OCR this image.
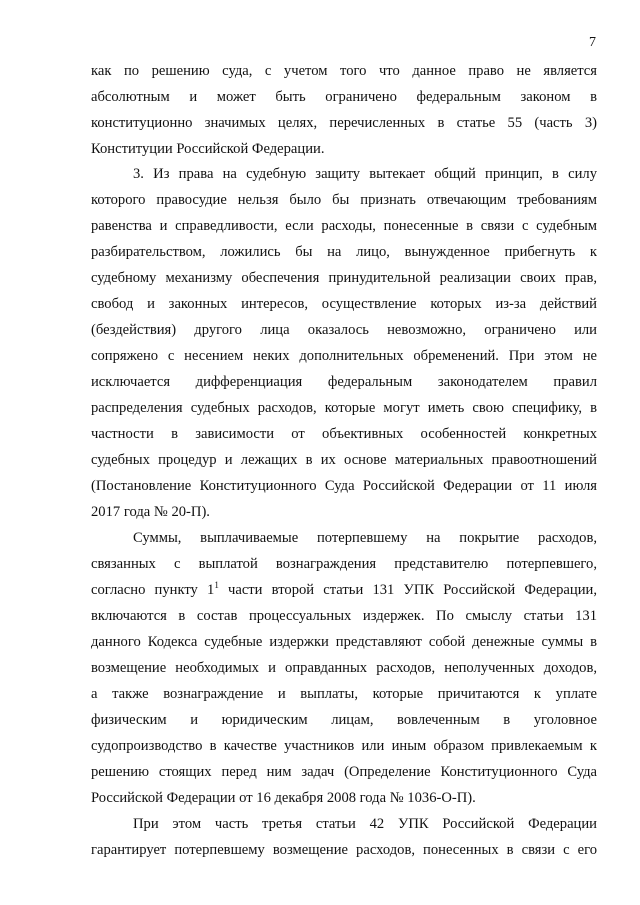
7
как по решению суда, с учетом того что данное право не является
абсолютным и может быть ограничено федеральным законом в
конституционно значимых целях, перечисленных в статье 55 (часть 3)
Конституции Российской Федерации.
3. Из права на судебную защиту вытекает общий принцип, в силу
которого правосудие нельзя было бы признать отвечающим требованиям
равенства и справедливости, если расходы, понесенные в связи с судебным
разбирательством, ложились бы на лицо, вынужденное прибегнуть к
судебному механизму обеспечения принудительной реализации своих прав,
свобод и законных интересов, осуществление которых из-за действий
(бездействия) другого лица оказалось невозможно, ограничено или
сопряжено с несением неких дополнительных обременений. При этом не
исключается дифференциация федеральным законодателем правил
распределения судебных расходов, которые могут иметь свою специфику, в
частности в зависимости от объективных особенностей конкретных
судебных процедур и лежащих в их основе материальных правоотношений
(Постановление Конституционного Суда Российской Федерации от 11 июля
2017 года № 20-П).
Суммы, выплачиваемые потерпевшему на покрытие расходов,
связанных с выплатой вознаграждения представителю потерпевшего,
согласно пункту $1^1$ части второй статьи 131 УПК Российской Федерации,
включаются в состав процессуальных издержек. По смыслу статьи 131
данного Кодекса судебные издержки представляют собой денежные суммы в
возмещение необходимых и оправданных расходов, неполученных доходов,
а также вознаграждение и выплаты, которые причитаются к уплате
физическим и юридическим лицам, вовлеченным в уголовное
судопроизводство в качестве участников или иным образом привлекаемым к
решению стоящих перед ним задач (Определение Конституционного Суда
Российской Федерации от 16 декабря 2008 года № 1036-О-П).
При этом часть третья статьи 42 УПК Российской Федерации
гарантирует потерпевшему возмещение расходов, понесенных в связи с его
